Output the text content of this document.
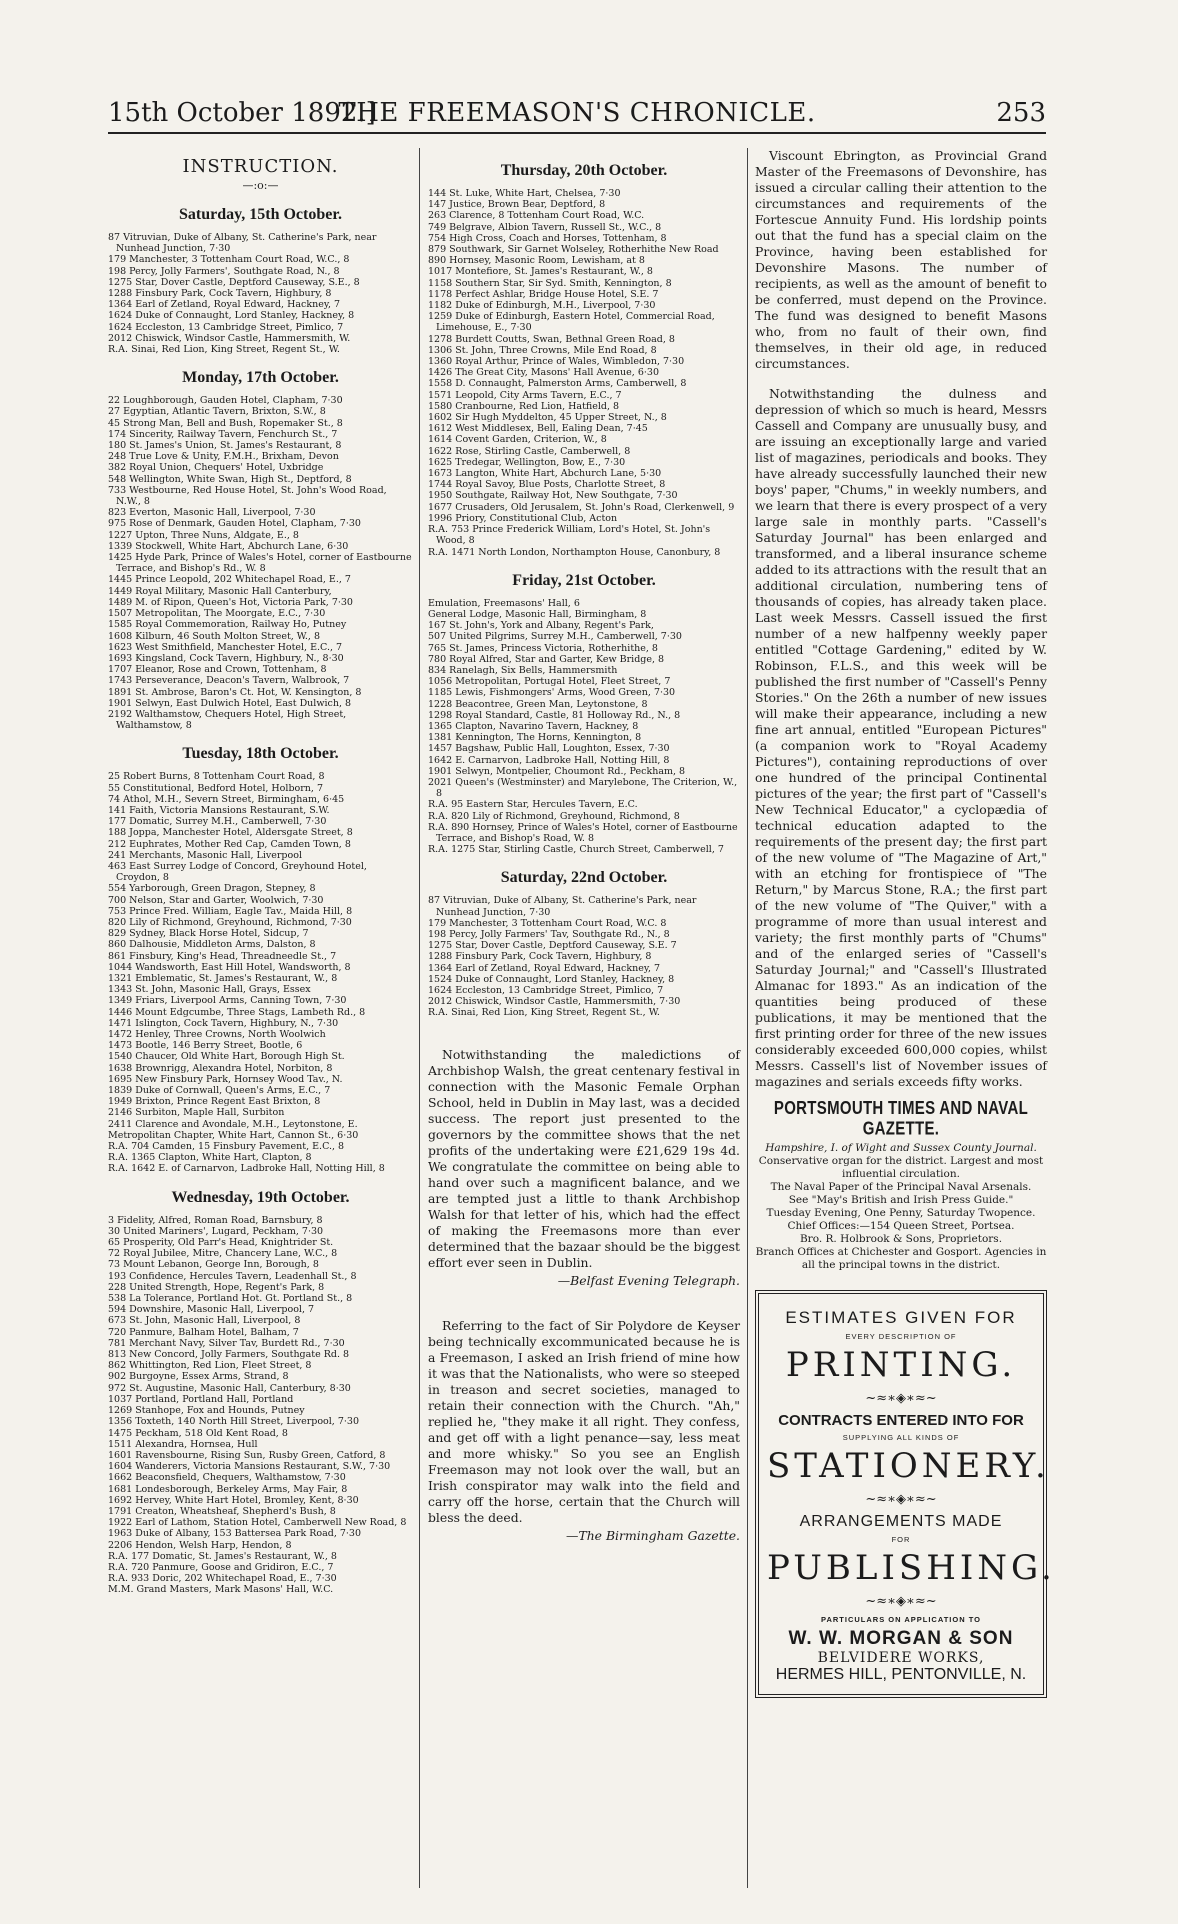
15th October 1892.]
THE FREEMASON'S CHRONICLE.	253
INSTRUCTION.
—:o:—
Saturday, 15th October.
87 Vitruvian, Duke of Albany, St. Catherine's Park, near Nunhead Junction, 7·30
179 Manchester, 3 Tottenham Court Road, W.C., 8
198 Percy, Jolly Farmers', Southgate Road, N., 8
1275 Star, Dover Castle, Deptford Causeway, S.E., 8
1288 Finsbury Park, Cock Tavern, Highbury, 8
1364 Earl of Zetland, Royal Edward, Hackney, 7
1624 Duke of Connaught, Lord Stanley, Hackney, 8
1624 Eccleston, 13 Cambridge Street, Pimlico, 7
2012 Chiswick, Windsor Castle, Hammersmith, W.
R.A. Sinai, Red Lion, King Street, Regent St., W.
Monday, 17th October.
22 Loughborough, Gauden Hotel, Clapham, 7·30
27 Egyptian, Atlantic Tavern, Brixton, S.W., 8
45 Strong Man, Bell and Bush, Ropemaker St., 8
174 Sincerity, Railway Tavern, Fenchurch St., 7
180 St. James's Union, St. James's Restaurant, 8
248 True Love & Unity, F.M.H., Brixham, Devon
382 Royal Union, Chequers' Hotel, Uxbridge
548 Wellington, White Swan, High St., Deptford, 8
733 Westbourne, Red House Hotel, St. John's Wood Road, N.W., 8
823 Everton, Masonic Hall, Liverpool, 7·30
975 Rose of Denmark, Gauden Hotel, Clapham, 7·30
1227 Upton, Three Nuns, Aldgate, E., 8
1339 Stockwell, White Hart, Abchurch Lane, 6·30
1425 Hyde Park, Prince of Wales's Hotel, corner of Eastbourne Terrace, and Bishop's Rd., W. 8
1445 Prince Leopold, 202 Whitechapel Road, E., 7
1449 Royal Military, Masonic Hall Canterbury,
1489 M. of Ripon, Queen's Hot, Victoria Park, 7·30
1507 Metropolitan, The Moorgate, E.C., 7·30
1585 Royal Commemoration, Railway Ho, Putney
1608 Kilburn, 46 South Molton Street, W., 8
1623 West Smithfield, Manchester Hotel, E.C., 7
1693 Kingsland, Cock Tavern, Highbury, N., 8·30
1707 Eleanor, Rose and Crown, Tottenham, 8
1743 Perseverance, Deacon's Tavern, Walbrook, 7
1891 St. Ambrose, Baron's Ct. Hot, W. Kensington, 8
1901 Selwyn, East Dulwich Hotel, East Dulwich, 8
2192 Walthamstow, Chequers Hotel, High Street, Walthamstow, 8
Tuesday, 18th October.
25 Robert Burns, 8 Tottenham Court Road, 8
55 Constitutional, Bedford Hotel, Holborn, 7
74 Athol, M.H., Severn Street, Birmingham, 6·45
141 Faith, Victoria Mansions Restaurant, S.W.
177 Domatic, Surrey M.H., Camberwell, 7·30
188 Joppa, Manchester Hotel, Aldersgate Street, 8
212 Euphrates, Mother Red Cap, Camden Town, 8
241 Merchants, Masonic Hall, Liverpool
463 East Surrey Lodge of Concord, Greyhound Hotel, Croydon, 8
554 Yarborough, Green Dragon, Stepney, 8
700 Nelson, Star and Garter, Woolwich, 7·30
753 Prince Fred. William, Eagle Tav., Maida Hill, 8
820 Lily of Richmond, Greyhound, Richmond, 7·30
829 Sydney, Black Horse Hotel, Sidcup, 7
860 Dalhousie, Middleton Arms, Dalston, 8
861 Finsbury, King's Head, Threadneedle St., 7
1044 Wandsworth, East Hill Hotel, Wandsworth, 8
1321 Emblematic, St. James's Restaurant, W., 8
1343 St. John, Masonic Hall, Grays, Essex
1349 Friars, Liverpool Arms, Canning Town, 7·30
1446 Mount Edgcumbe, Three Stags, Lambeth Rd., 8
1471 Islington, Cock Tavern, Highbury, N., 7·30
1472 Henley, Three Crowns, North Woolwich
1473 Bootle, 146 Berry Street, Bootle, 6
1540 Chaucer, Old White Hart, Borough High St.
1638 Brownrigg, Alexandra Hotel, Norbiton, 8
1695 New Finsbury Park, Hornsey Wood Tav., N.
1839 Duke of Cornwall, Queen's Arms, E.C., 7
1949 Brixton, Prince Regent East Brixton, 8
2146 Surbiton, Maple Hall, Surbiton
2411 Clarence and Avondale, M.H., Leytonstone, E.
Metropolitan Chapter, White Hart, Cannon St., 6·30
R.A. 704 Camden, 15 Finsbury Pavement, E.C., 8
R.A. 1365 Clapton, White Hart, Clapton, 8
R.A. 1642 E. of Carnarvon, Ladbroke Hall, Notting Hill, 8
Wednesday, 19th October.
3 Fidelity, Alfred, Roman Road, Barnsbury, 8
30 United Mariners', Lugard, Peckham, 7·30
65 Prosperity, Old Parr's Head, Knightrider St.
72 Royal Jubilee, Mitre, Chancery Lane, W.C., 8
73 Mount Lebanon, George Inn, Borough, 8
193 Confidence, Hercules Tavern, Leadenhall St., 8
228 United Strength, Hope, Regent's Park, 8
538 La Tolerance, Portland Hot. Gt. Portland St., 8
594 Downshire, Masonic Hall, Liverpool, 7
673 St. John, Masonic Hall, Liverpool, 8
720 Panmure, Balham Hotel, Balham, 7
781 Merchant Navy, Silver Tav, Burdett Rd., 7·30
813 New Concord, Jolly Farmers, Southgate Rd. 8
862 Whittington, Red Lion, Fleet Street, 8
902 Burgoyne, Essex Arms, Strand, 8
972 St. Augustine, Masonic Hall, Canterbury, 8·30
1037 Portland, Portland Hall, Portland
1269 Stanhope, Fox and Hounds, Putney
1356 Toxteth, 140 North Hill Street, Liverpool, 7·30
1475 Peckham, 518 Old Kent Road, 8
1511 Alexandra, Hornsea, Hull
1601 Ravensbourne, Rising Sun, Rusby Green, Catford, 8
1604 Wanderers, Victoria Mansions Restaurant, S.W., 7·30
1662 Beaconsfield, Chequers, Walthamstow, 7·30
1681 Londesborough, Berkeley Arms, May Fair, 8
1692 Hervey, White Hart Hotel, Bromley, Kent, 8·30
1791 Creaton, Wheatsheaf, Shepherd's Bush, 8
1922 Earl of Lathom, Station Hotel, Camberwell New Road, 8
1963 Duke of Albany, 153 Battersea Park Road, 7·30
2206 Hendon, Welsh Harp, Hendon, 8
R.A. 177 Domatic, St. James's Restaurant, W., 8
R.A. 720 Panmure, Goose and Gridiron, E.C., 7
R.A. 933 Doric, 202 Whitechapel Road, E., 7·30
M.M. Grand Masters, Mark Masons' Hall, W.C.
Thursday, 20th October.
144 St. Luke, White Hart, Chelsea, 7·30
147 Justice, Brown Bear, Deptford, 8
263 Clarence, 8 Tottenham Court Road, W.C.
749 Belgrave, Albion Tavern, Russell St., W.C., 8
754 High Cross, Coach and Horses, Tottenham, 8
879 Southwark, Sir Garnet Wolseley, Rotherhithe New Road
890 Hornsey, Masonic Room, Lewisham, at 8
1017 Montefiore, St. James's Restaurant, W., 8
1158 Southern Star, Sir Syd. Smith, Kennington, 8
1178 Perfect Ashlar, Bridge House Hotel, S.E. 7
1182 Duke of Edinburgh, M.H., Liverpool, 7·30
1259 Duke of Edinburgh, Eastern Hotel, Commercial Road, Limehouse, E., 7·30
1278 Burdett Coutts, Swan, Bethnal Green Road, 8
1306 St. John, Three Crowns, Mile End Road, 8
1360 Royal Arthur, Prince of Wales, Wimbledon, 7·30
1426 The Great City, Masons' Hall Avenue, 6·30
1558 D. Connaught, Palmerston Arms, Camberwell, 8
1571 Leopold, City Arms Tavern, E.C., 7
1580 Cranbourne, Red Lion, Hatfield, 8
1602 Sir Hugh Myddelton, 45 Upper Street, N., 8
1612 West Middlesex, Bell, Ealing Dean, 7·45
1614 Covent Garden, Criterion, W., 8
1622 Rose, Stirling Castle, Camberwell, 8
1625 Tredegar, Wellington, Bow, E., 7·30
1673 Langton, White Hart, Abchurch Lane, 5·30
1744 Royal Savoy, Blue Posts, Charlotte Street, 8
1950 Southgate, Railway Hot, New Southgate, 7·30
1677 Crusaders, Old Jerusalem, St. John's Road, Clerkenwell, 9
1996 Priory, Constitutional Club, Acton
R.A. 753 Prince Frederick William, Lord's Hotel, St. John's Wood, 8
R.A. 1471 North London, Northampton House, Canonbury, 8
Friday, 21st October.
Emulation, Freemasons' Hall, 6
General Lodge, Masonic Hall, Birmingham, 8
167 St. John's, York and Albany, Regent's Park,
507 United Pilgrims, Surrey M.H., Camberwell, 7·30
765 St. James, Princess Victoria, Rotherhithe, 8
780 Royal Alfred, Star and Garter, Kew Bridge, 8
834 Ranelagh, Six Bells, Hammersmith
1056 Metropolitan, Portugal Hotel, Fleet Street, 7
1185 Lewis, Fishmongers' Arms, Wood Green, 7·30
1228 Beacontree, Green Man, Leytonstone, 8
1298 Royal Standard, Castle, 81 Holloway Rd., N., 8
1365 Clapton, Navarino Tavern, Hackney, 8
1381 Kennington, The Horns, Kennington, 8
1457 Bagshaw, Public Hall, Loughton, Essex, 7·30
1642 E. Carnarvon, Ladbroke Hall, Notting Hill, 8
1901 Selwyn, Montpelier, Choumont Rd., Peckham, 8
2021 Queen's (Westminster) and Marylebone, The Criterion, W., 8
R.A. 95 Eastern Star, Hercules Tavern, E.C.
R.A. 820 Lily of Richmond, Greyhound, Richmond, 8
R.A. 890 Hornsey, Prince of Wales's Hotel, corner of Eastbourne Terrace, and Bishop's Road, W. 8
R.A. 1275 Star, Stirling Castle, Church Street, Camberwell, 7
Saturday, 22nd October.
87 Vitruvian, Duke of Albany, St. Catherine's Park, near Nunhead Junction, 7·30
179 Manchester, 3 Tottenham Court Road, W.C. 8
198 Percy, Jolly Farmers' Tav, Southgate Rd., N., 8
1275 Star, Dover Castle, Deptford Causeway, S.E. 7
1288 Finsbury Park, Cock Tavern, Highbury, 8
1364 Earl of Zetland, Royal Edward, Hackney, 7
1524 Duke of Connaught, Lord Stanley, Hackney, 8
1624 Eccleston, 13 Cambridge Street, Pimlico, 7
2012 Chiswick, Windsor Castle, Hammersmith, 7·30
R.A. Sinai, Red Lion, King Street, Regent St., W.

Notwithstanding the maledictions of Archbishop Walsh, the great centenary festival in connection with the Masonic Female Orphan School, held in Dublin in May last, was a decided success. The report just presented to the governors by the committee shows that the net profits of the undertaking were £21,629 19s 4d. We congratulate the committee on being able to hand over such a magnificent balance, and we are tempted just a little to thank Archbishop Walsh for that letter of his, which had the effect of making the Freemasons more than ever determined that the bazaar should be the biggest effort ever seen in Dublin.

—Belfast Evening Telegraph.

Referring to the fact of Sir Polydore de Keyser being technically excommunicated because he is a Freemason, I asked an Irish friend of mine how it was that the Nationalists, who were so steeped in treason and secret societies, managed to retain their connection with the Church. "Ah," replied he, "they make it all right. They confess, and get off with a light penance—say, less meat and more whisky." So you see an English Freemason may not look over the wall, but an Irish conspirator may walk into the field and carry off the horse, certain that the Church will bless the deed.

—The Birmingham Gazette.

Viscount Ebrington, as Provincial Grand Master of the Freemasons of Devonshire, has issued a circular calling their attention to the circumstances and requirements of the Fortescue Annuity Fund. His lordship points out that the fund has a special claim on the Province, having been established for Devonshire Masons. The number of recipients, as well as the amount of benefit to be conferred, must depend on the Province. The fund was designed to benefit Masons who, from no fault of their own, find themselves, in their old age, in reduced circumstances.

Notwithstanding the dulness and depression of which so much is heard, Messrs Cassell and Company are unusually busy, and are issuing an exceptionally large and varied list of magazines, periodicals and books. They have already successfully launched their new boys' paper, "Chums," in weekly numbers, and we learn that there is every prospect of a very large sale in monthly parts. "Cassell's Saturday Journal" has been enlarged and transformed, and a liberal insurance scheme added to its attractions with the result that an additional circulation, numbering tens of thousands of copies, has already taken place. Last week Messrs. Cassell issued the first number of a new halfpenny weekly paper entitled "Cottage Gardening," edited by W. Robinson, F.L.S., and this week will be published the first number of "Cassell's Penny Stories." On the 26th a number of new issues will make their appearance, including a new fine art annual, entitled "European Pictures" (a companion work to "Royal Academy Pictures"), containing reproductions of over one hundred of the principal Continental pictures of the year; the first part of "Cassell's New Technical Educator," a cyclopædia of technical education adapted to the requirements of the present day; the first part of the new volume of "The Magazine of Art," with an etching for frontispiece of "The Return," by Marcus Stone, R.A.; the first part of the new volume of "The Quiver," with a programme of more than usual interest and variety; the first monthly parts of "Chums" and of the enlarged series of "Cassell's Saturday Journal;" and "Cassell's Illustrated Almanac for 1893." As an indication of the quantities being produced of these publications, it may be mentioned that the first printing order for three of the new issues considerably exceeded 600,000 copies, whilst Messrs. Cassell's list of November issues of magazines and serials exceeds fifty works.

PORTSMOUTH TIMES AND NAVAL GAZETTE.
Hampshire, I. of Wight and Sussex County Journal.
Conservative organ for the district. Largest and most influential circulation.
The Naval Paper of the Principal Naval Arsenals.
See "May's British and Irish Press Guide."
Tuesday Evening, One Penny, Saturday Twopence.
Chief Offices:—154 Queen Street, Portsea.
Bro. R. Holbrook & Sons, Proprietors.
Branch Offices at Chichester and Gosport. Agencies in all the principal towns in the district.
ESTIMATES GIVEN FOR
EVERY DESCRIPTION OF
PRINTING.
~≈∗◈∗≈~
CONTRACTS ENTERED INTO FOR
SUPPLYING ALL KINDS OF
STATIONERY.
~≈∗◈∗≈~
ARRANGEMENTS MADE
FOR
PUBLISHING.
~≈∗◈∗≈~
PARTICULARS ON APPLICATION TO
W. W. MORGAN & SON
BELVIDERE WORKS,
HERMES HILL, PENTONVILLE, N.
